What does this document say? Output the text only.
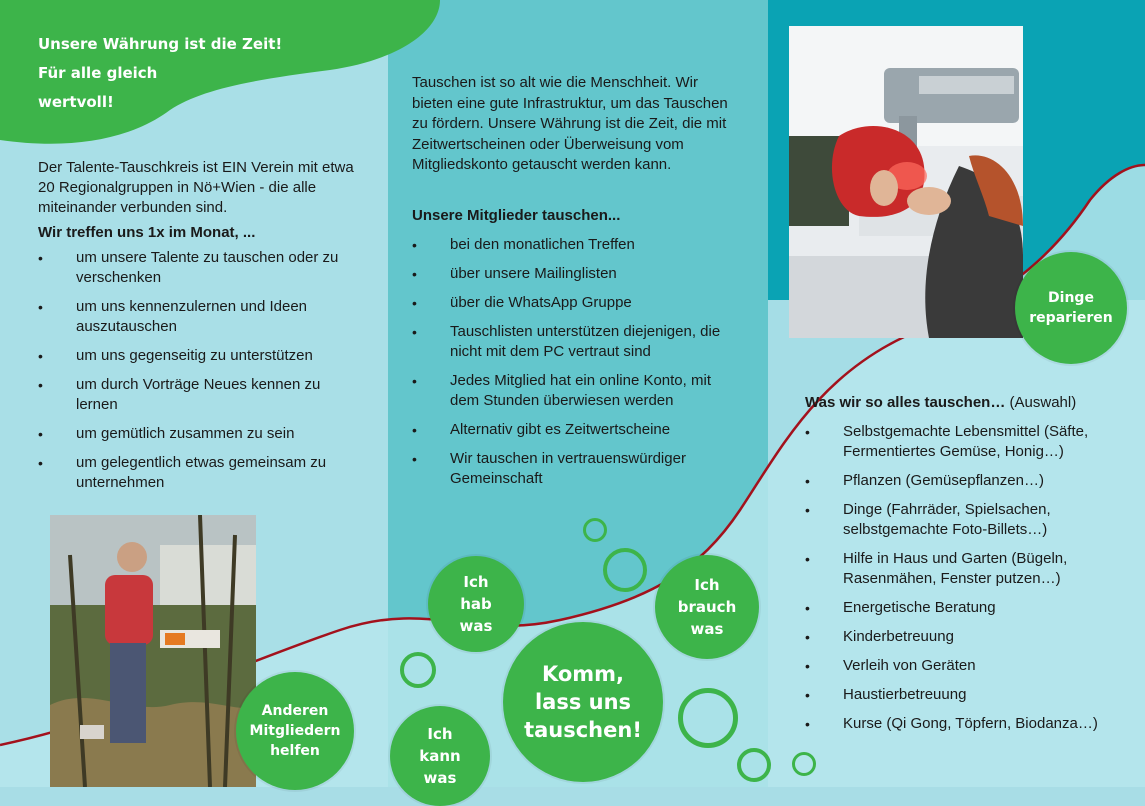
Unsere Währung ist die Zeit!
Für alle gleich
wertvoll!
Der Talente-Tauschkreis ist EIN Verein mit etwa 20 Regionalgruppen in Nö+Wien - die alle miteinander verbunden sind.
Wir treffen uns 1x im Monat, ...
• um unsere Talente zu tauschen oder zu verschenken
• um uns kennenzulernen und Ideen auszutauschen
• um uns gegenseitig zu unterstützen
• um durch Vorträge Neues kennen zu lernen
• um gemütlich zusammen zu sein
• um gelegentlich etwas gemeinsam zu unternehmen
Anderen Mitgliedern helfen
Tauschen ist so alt wie die Menschheit. Wir bieten eine gute Infrastruktur, um das Tauschen zu fördern. Unsere Währung ist die Zeit, die mit Zeitwertscheinen oder Überweisung vom Mitgliedskonto getauscht werden kann.
Unsere Mitglieder tauschen...
• bei den monatlichen Treffen
• über unsere Mailinglisten
• über die WhatsApp Gruppe
• Tauschlisten unterstützen diejenigen, die nicht mit dem PC vertraut sind
• Jedes Mitglied hat ein online Konto, mit dem Stunden überwiesen werden
• Alternativ gibt es Zeitwertscheine
• Wir tauschen in vertrauenswürdiger Gemeinschaft
Ich hab was
Ich brauch was
Komm, lass uns tauschen!
Ich kann was
Dinge reparieren
Was wir so alles tauschen… (Auswahl)
• Selbstgemachte Lebensmittel (Säfte, Fermentiertes Gemüse, Honig…)
• Pflanzen (Gemüsepflanzen…)
• Dinge (Fahrräder, Spielsachen, selbstgemachte Foto-Billets…)
• Hilfe in Haus und Garten (Bügeln, Rasenmähen, Fenster putzen…)
• Energetische Beratung
• Kinderbetreuung
• Verleih von Geräten
• Haustierbetreuung
• Kurse (Qi Gong, Töpfern, Biodanza…)
